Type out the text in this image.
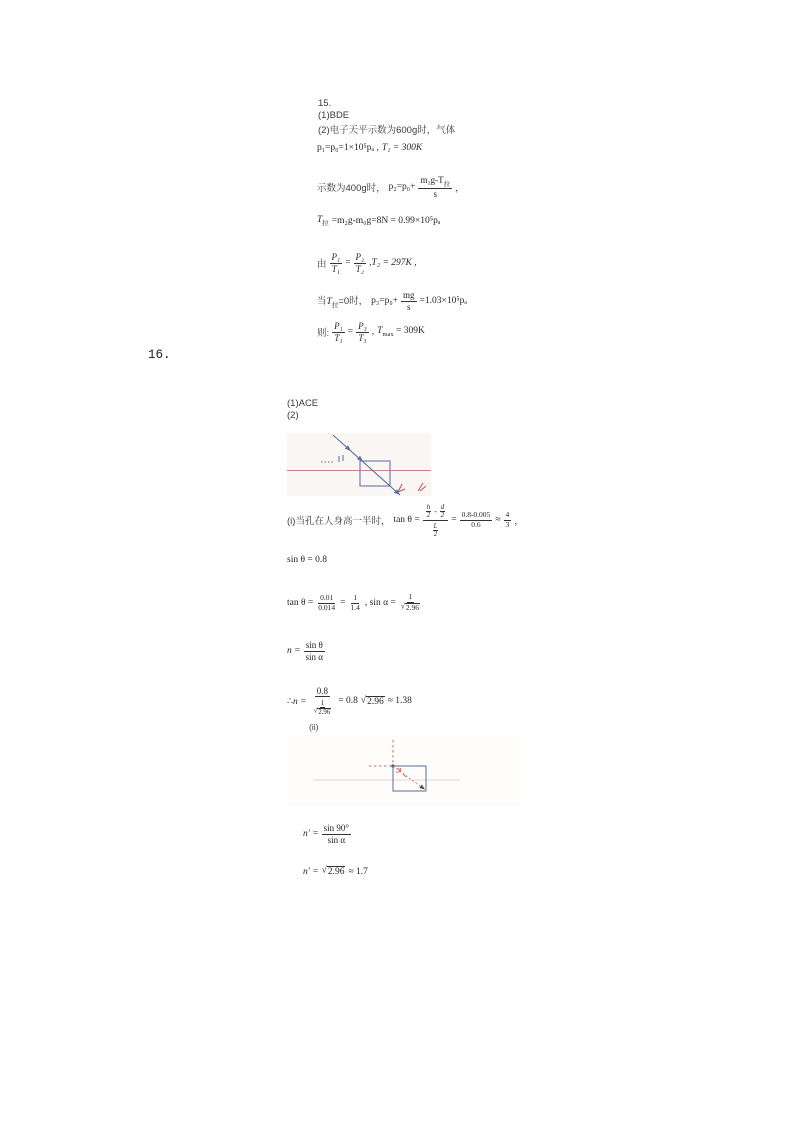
15.
(1)BDE
(2)电子天平示数为600g时，气体
p₁=p₀=1×10⁵pₐ , T₁ = 300K
示数为400g时， $p_2=p_0+ \frac{m_1g-T_拉}{s}$ ，
$T_拉 =m_2g-m_0g=8N = 0.99\times 10^5p_a$
由 $\frac{\text{P₁}}{\text{T₁}} = \frac{\text{P₂}}{\text{T₂}} ,T_2 = 297K$ ,
当$T_拉=0$时， $p_3=p_0+ \frac{mg}{s} =1.03\times 10^5p_a$
则: $\frac{\text{P₁}}{\text{T₁}} = \frac{\text{P₃}}{\text{T₃}}$ , $T_{max} = 309K$
16.
(1)ACE
(2)
(i)当孔在人身高一半时， $\tan \theta = \frac{\frac{h}{2} - \frac{d}{2}}{\frac{L}{2}} = \frac{0.8-0.005}{0.6} \approx \frac{4}{3}$ ，
sin θ = 0.8
$\tan \theta = \frac{0.01}{0.014} = \frac{1}{1.4}$ , $\sin \alpha = \frac{1}{√ 2.96}$
$n = \frac{\text{sin θ}}{\text{sin α}}$
∴n = $\frac{0.8}{\frac{1}{√ 2.96}} = 0.8$ √ 2.96 ≈ 1.38
(ii)
$n' = \frac{\sin 90^\circ}{\text{sin α}}$
n′ = √ 2.96 ≈ 1.7
